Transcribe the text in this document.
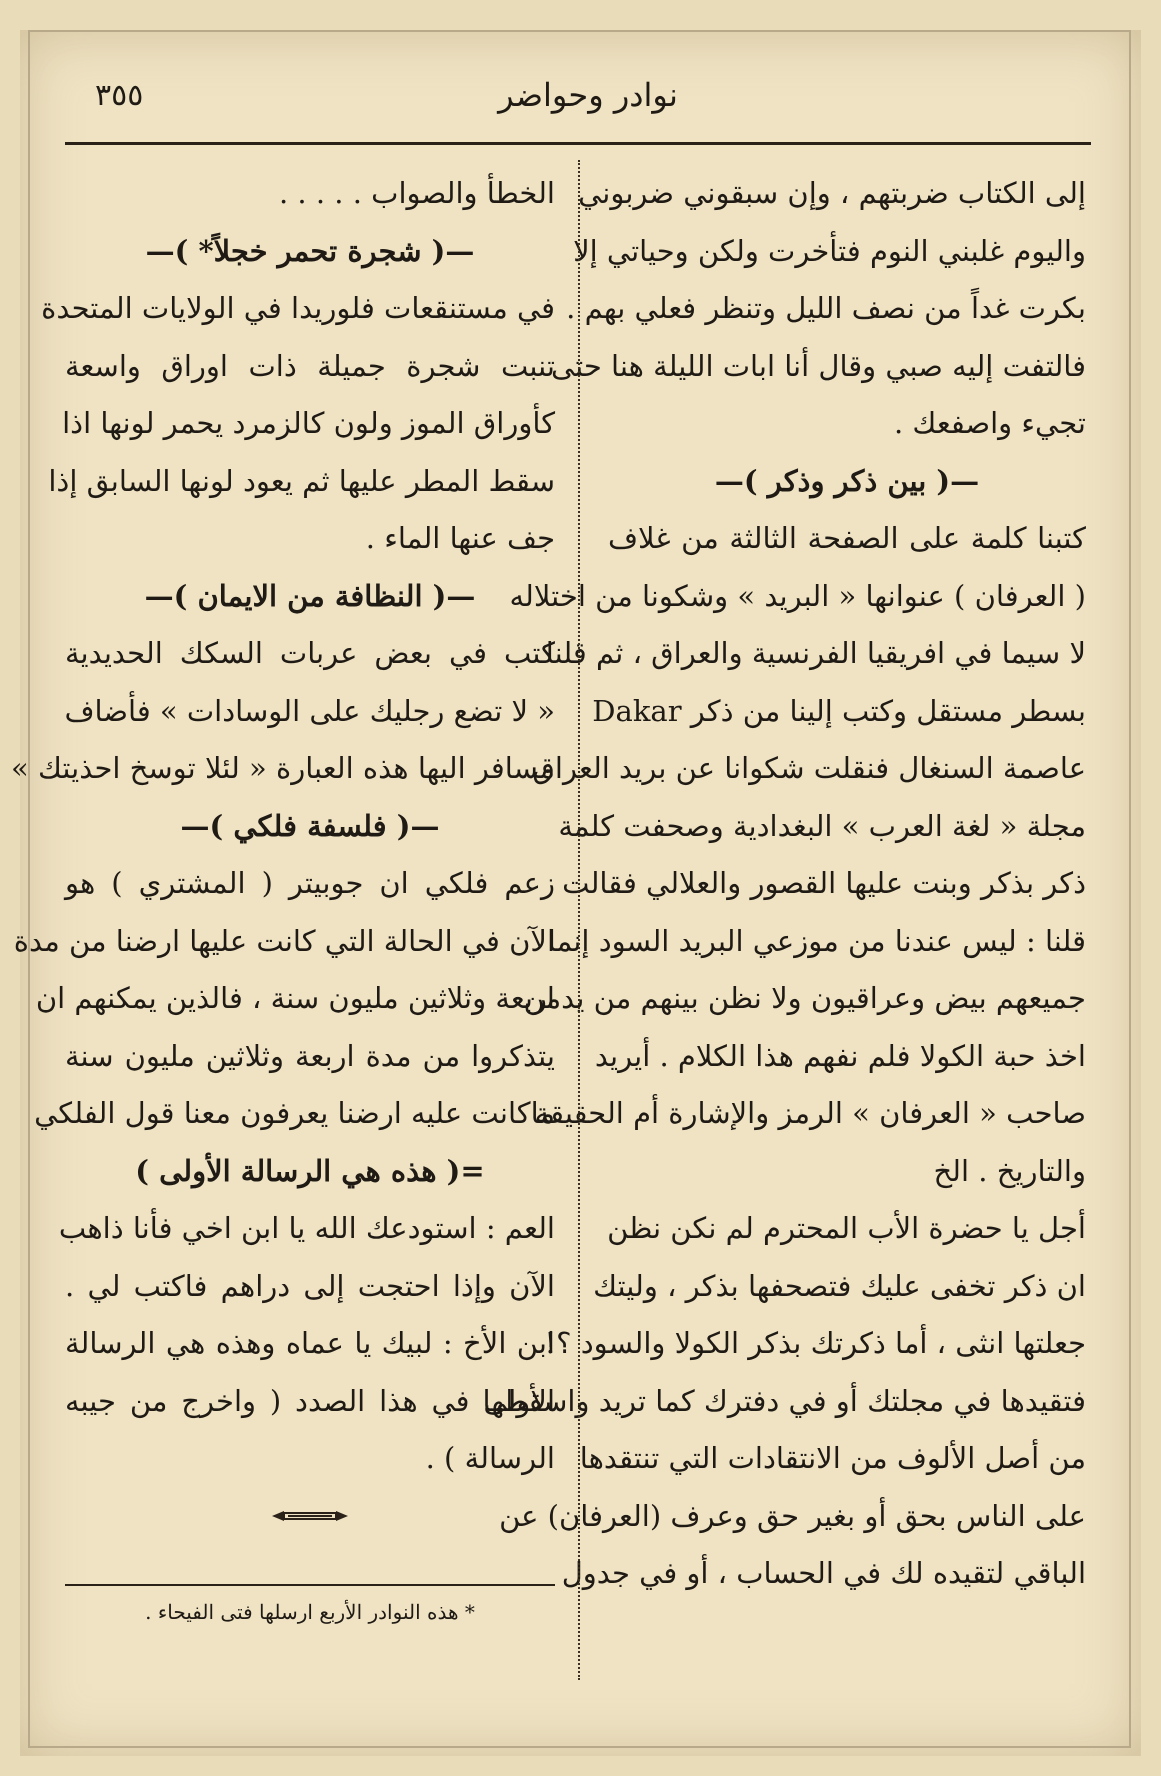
٣٥٥	نوادر وحواضر
إلى الكتاب ضربتهم ، وإن سبقوني ضربوني
واليوم غلبني النوم فتأخرت ولكن وحياتي إلا
بكرت غداً من نصف الليل وتنظر فعلي بهم .
فالتفت إليه صبي وقال أنا ابات الليلة هنا حتى
تجيء واصفعك .
—( بين ذكر وذكر )—
كتبنا كلمة على الصفحة الثالثة من غلاف
( العرفان ) عنوانها « البريد » وشكونا من اختلاله
لا سيما في افريقيا الفرنسية والعراق ، ثم قلنا
بسطر مستقل وكتب إلينا من ذكر Dakar
عاصمة السنغال فنقلت شكوانا عن بريد العراق
مجلة « لغة العرب » البغدادية وصحفت كلمة
ذكر بذكر وبنت عليها القصور والعلالي فقالت
قلنا : ليس عندنا من موزعي البريد السود إنما
جميعهم بيض وعراقيون ولا نظن بينهم من يدمن
اخذ حبة الكولا فلم نفهم هذا الكلام . أيريد
صاحب « العرفان » الرمز والإشارة أم الحقيقة
والتاريخ . الخ
أجل يا حضرة الأب المحترم لم نكن نظن
ان ذكر تخفى عليك فتصحفها بذكر ، وليتك
جعلتها انثى ، أما ذكرتك بذكر الكولا والسود ؟!
فتقيدها في مجلتك أو في دفترك كما تريد واسقطها
من أصل الألوف من الانتقادات التي تنتقدها
على الناس بحق أو بغير حق وعرف (العرفان) عن
الباقي لتقيده لك في الحساب ، أو في جدول
الخطأ والصواب . . . . .
—( شجرة تحمر خجلاً* )—
في مستنقعات فلوريدا في الولايات المتحدة
تنبت شجرة جميلة ذات اوراق واسعة
كأوراق الموز ولون كالزمرد يحمر لونها اذا
سقط المطر عليها ثم يعود لونها السابق إذا
جف عنها الماء .
—( النظافة من الايمان )—
كتب في بعض عربات السكك الحديدية
« لا تضع رجليك على الوسادات » فأضاف
مسافر اليها هذه العبارة « لئلا توسخ احذيتك »
—( فلسفة فلكي )—
زعم فلكي ان جوبيتر ( المشتري ) هو
الآن في الحالة التي كانت عليها ارضنا من مدة
اربعة وثلاثين مليون سنة ، فالذين يمكنهم ان
يتذكروا من مدة اربعة وثلاثين مليون سنة
ماكانت عليه ارضنا يعرفون معنا قول الفلكي
=( هذه هي الرسالة الأولى )
العم : استودعك الله يا ابن اخي فأنا ذاهب
الآن وإذا احتجت إلى دراهم فاكتب لي .
ابن الأخ : لبيك يا عماه وهذه هي الرسالة
الأولى في هذا الصدد ( واخرج من جيبه
الرسالة ) .
* هذه النوادر الأربع ارسلها فتى الفيحاء .
